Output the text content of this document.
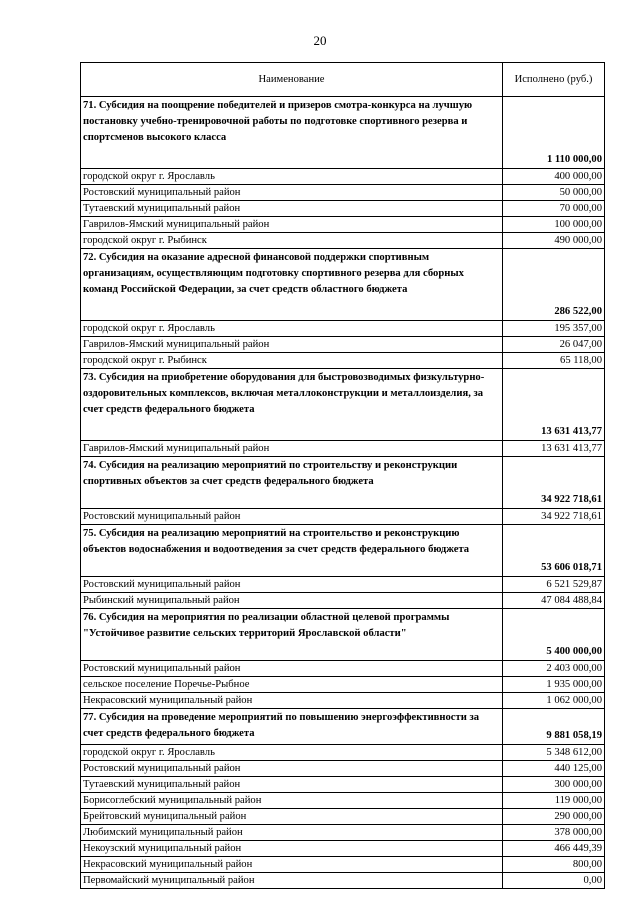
20
Наименование	Исполнено (руб.)
71. Субсидия на поощрение победителей и призеров смотра-конкурса на лучшую постановку учебно-тренировочной работы по подготовке спортивного резерва и спортсменов высокого класса	1 110 000,00
городской округ г. Ярославль	400 000,00
Ростовский муниципальный район	50 000,00
Тутаевский муниципальный район	70 000,00
Гаврилов-Ямский муниципальный район	100 000,00
городской округ г. Рыбинск	490 000,00
72. Субсидия на оказание адресной финансовой поддержки спортивным организациям, осуществляющим подготовку спортивного резерва для сборных команд Российской Федерации, за счет средств областного бюджета	286 522,00
городской округ г. Ярославль	195 357,00
Гаврилов-Ямский муниципальный район	26 047,00
городской округ г. Рыбинск	65 118,00
73. Субсидия на приобретение оборудования для быстровозводимых физкультурно-оздоровительных комплексов, включая металлоконструкции и металлоизделия, за счет средств федерального бюджета	13 631 413,77
Гаврилов-Ямский муниципальный район	13 631 413,77
74. Субсидия на реализацию мероприятий по строительству и реконструкции спортивных объектов за счет средств федерального бюджета	34 922 718,61
Ростовский муниципальный район	34 922 718,61
75. Субсидия на реализацию мероприятий на строительство и реконструкцию объектов водоснабжения и водоотведения за счет средств федерального бюджета	53 606 018,71
Ростовский муниципальный район	6 521 529,87
Рыбинский муниципальный район	47 084 488,84
76. Субсидия на мероприятия по реализации областной целевой программы "Устойчивое развитие сельских территорий Ярославской области"	5 400 000,00
Ростовский муниципальный район	2 403 000,00
сельское поселение Поречье-Рыбное	1 935 000,00
Некрасовский муниципальный район	1 062 000,00
77. Субсидия на проведение мероприятий по повышению энергоэффективности за счет средств федерального бюджета	9 881 058,19
городской округ г. Ярославль	5 348 612,00
Ростовский муниципальный район	440 125,00
Тутаевский муниципальный район	300 000,00
Борисоглебский муниципальный район	119 000,00
Брейтовский муниципальный район	290 000,00
Любимский муниципальный район	378 000,00
Некоузский муниципальный район	466 449,39
Некрасовский муниципальный район	800,00
Первомайский муниципальный район	0,00
